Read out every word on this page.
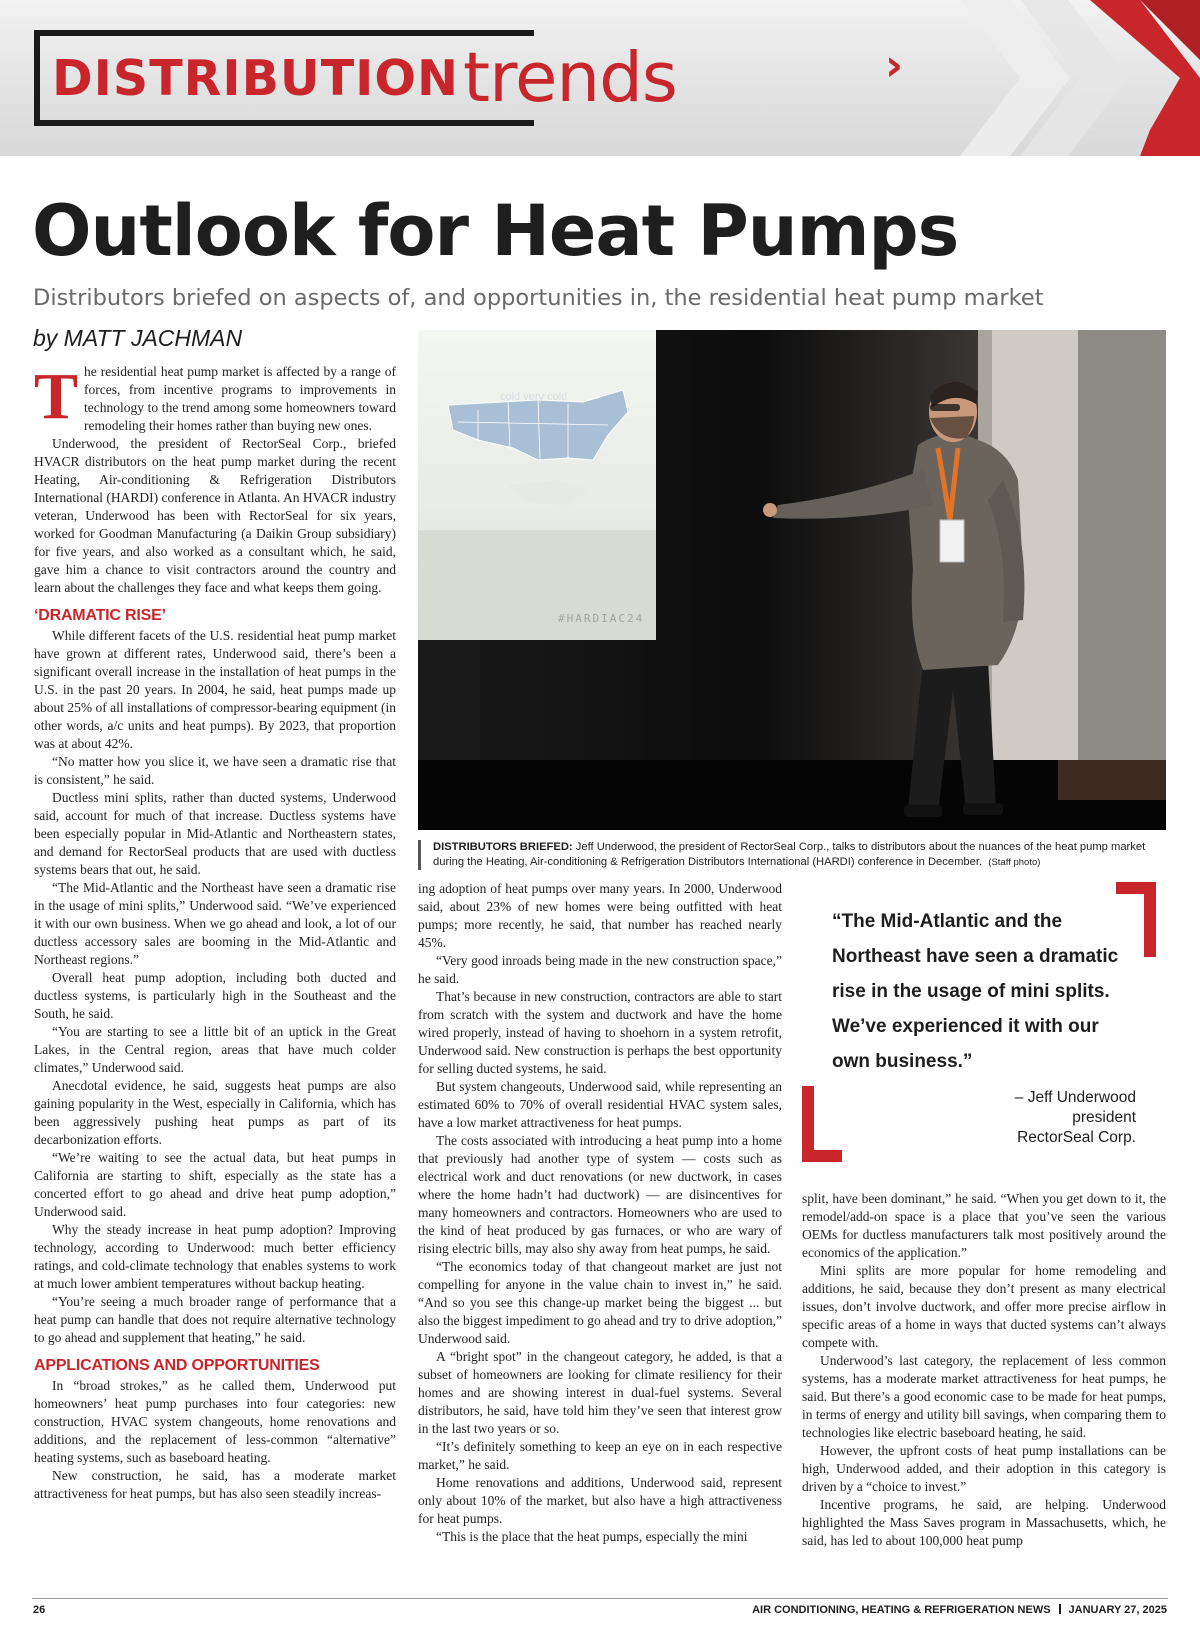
DISTRIBUTION trends	›
Outlook for Heat Pumps
Distributors briefed on aspects of, and opportunities in, the residential heat pump market
by MATT JACHMAN
cold very cold
#HARDIAC24
DISTRIBUTORS BRIEFED: Jeff Underwood, the president of RectorSeal Corp., talks to distributors about the nuances of the heat pump market during the Heating, Air-conditioning & Refrigeration Distributors International (HARDI) conference in December. (Staff photo)

The residential heat pump market is affected by a range of forces, from incentive programs to improvements in technology to the trend among some homeowners toward remodeling their homes rather than buying new ones.

Underwood, the president of RectorSeal Corp., briefed HVACR distributors on the heat pump market during the recent Heating, Air-conditioning & Refrigeration Distributors International (HARDI) conference in Atlanta. An HVACR industry veteran, Underwood has been with RectorSeal for six years, worked for Goodman Manufacturing (a Daikin Group subsidiary) for five years, and also worked as a consultant which, he said, gave him a chance to visit contractors around the country and learn about the challenges they face and what keeps them going.

‘DRAMATIC RISE’

While different facets of the U.S. residential heat pump market have grown at different rates, Underwood said, there’s been a significant overall increase in the installation of heat pumps in the U.S. in the past 20 years. In 2004, he said, heat pumps made up about 25% of all installations of compressor-bearing equipment (in other words, a/c units and heat pumps). By 2023, that proportion was at about 42%.

“No matter how you slice it, we have seen a dramatic rise that is consistent,” he said.

Ductless mini splits, rather than ducted systems, Underwood said, account for much of that increase. Ductless systems have been especially popular in Mid-Atlantic and Northeastern states, and demand for RectorSeal products that are used with ductless systems bears that out, he said.

“The Mid-Atlantic and the Northeast have seen a dramatic rise in the usage of mini splits,” Underwood said. “We’ve experienced it with our own business. When we go ahead and look, a lot of our ductless accessory sales are booming in the Mid-Atlantic and Northeast regions.”

Overall heat pump adoption, including both ducted and ductless systems, is particularly high in the Southeast and the South, he said.

“You are starting to see a little bit of an uptick in the Great Lakes, in the Central region, areas that have much colder climates,” Underwood said.

Anecdotal evidence, he said, suggests heat pumps are also gaining popularity in the West, especially in California, which has been aggressively pushing heat pumps as part of its decarbonization efforts.

“We’re waiting to see the actual data, but heat pumps in California are starting to shift, especially as the state has a concerted effort to go ahead and drive heat pump adoption,” Underwood said.

Why the steady increase in heat pump adoption? Improving technology, according to Underwood: much better efficiency ratings, and cold-climate technology that enables systems to work at much lower ambient temperatures without backup heating.

“You’re seeing a much broader range of performance that a heat pump can handle that does not require alternative technology to go ahead and supplement that heating,” he said.

APPLICATIONS AND OPPORTUNITIES

In “broad strokes,” as he called them, Underwood put homeowners’ heat pump purchases into four categories: new construction, HVAC system changeouts, home renovations and additions, and the replacement of less-common “alternative” heating systems, such as baseboard heating.

New construction, he said, has a moderate market attractiveness for heat pumps, but has also seen steadily increas-

ing adoption of heat pumps over many years. In 2000, Underwood said, about 23% of new homes were being outfitted with heat pumps; more recently, he said, that number has reached nearly 45%.

“Very good inroads being made in the new construction space,” he said.

That’s because in new construction, contractors are able to start from scratch with the system and ductwork and have the home wired properly, instead of having to shoehorn in a system retrofit, Underwood said. New construction is perhaps the best opportunity for selling ducted systems, he said.

But system changeouts, Underwood said, while representing an estimated 60% to 70% of overall residential HVAC system sales, have a low market attractiveness for heat pumps.

The costs associated with introducing a heat pump into a home that previously had another type of system — costs such as electrical work and duct renovations (or new ductwork, in cases where the home hadn’t had ductwork) — are disincentives for many homeowners and contractors. Homeowners who are used to the kind of heat produced by gas furnaces, or who are wary of rising electric bills, may also shy away from heat pumps, he said.

“The economics today of that changeout market are just not compelling for anyone in the value chain to invest in,” he said. “And so you see this change-up market being the biggest ... but also the biggest impediment to go ahead and try to drive adoption,” Underwood said.

A “bright spot” in the changeout category, he added, is that a subset of homeowners are looking for climate resiliency for their homes and are showing interest in dual-fuel systems. Several distributors, he said, have told him they’ve seen that interest grow in the last two years or so.

“It’s definitely something to keep an eye on in each respective market,” he said.

Home renovations and additions, Underwood said, represent only about 10% of the market, but also have a high attractiveness for heat pumps.

“This is the place that the heat pumps, especially the mini

“The Mid-Atlantic and the Northeast have seen a dramatic rise in the usage of mini splits. We’ve experienced it with our own business.”
– Jeff Underwood
president
RectorSeal Corp.

split, have been dominant,” he said. “When you get down to it, the remodel/add-on space is a place that you’ve seen the various OEMs for ductless manufacturers talk most positively around the economics of the application.”

Mini splits are more popular for home remodeling and additions, he said, because they don’t present as many electrical issues, don’t involve ductwork, and offer more precise airflow in specific areas of a home in ways that ducted systems can’t always compete with.

Underwood’s last category, the replacement of less common systems, has a moderate market attractiveness for heat pumps, he said. But there’s a good economic case to be made for heat pumps, in terms of energy and utility bill savings, when comparing them to technologies like electric baseboard heating, he said.

However, the upfront costs of heat pump installations can be high, Underwood added, and their adoption in this category is driven by a “choice to invest.”

Incentive programs, he said, are helping. Underwood highlighted the Mass Saves program in Massachusetts, which, he said, has led to about 100,000 heat pump

26	AIR CONDITIONING, HEATING & REFRIGERATION NEWS JANUARY 27, 2025
